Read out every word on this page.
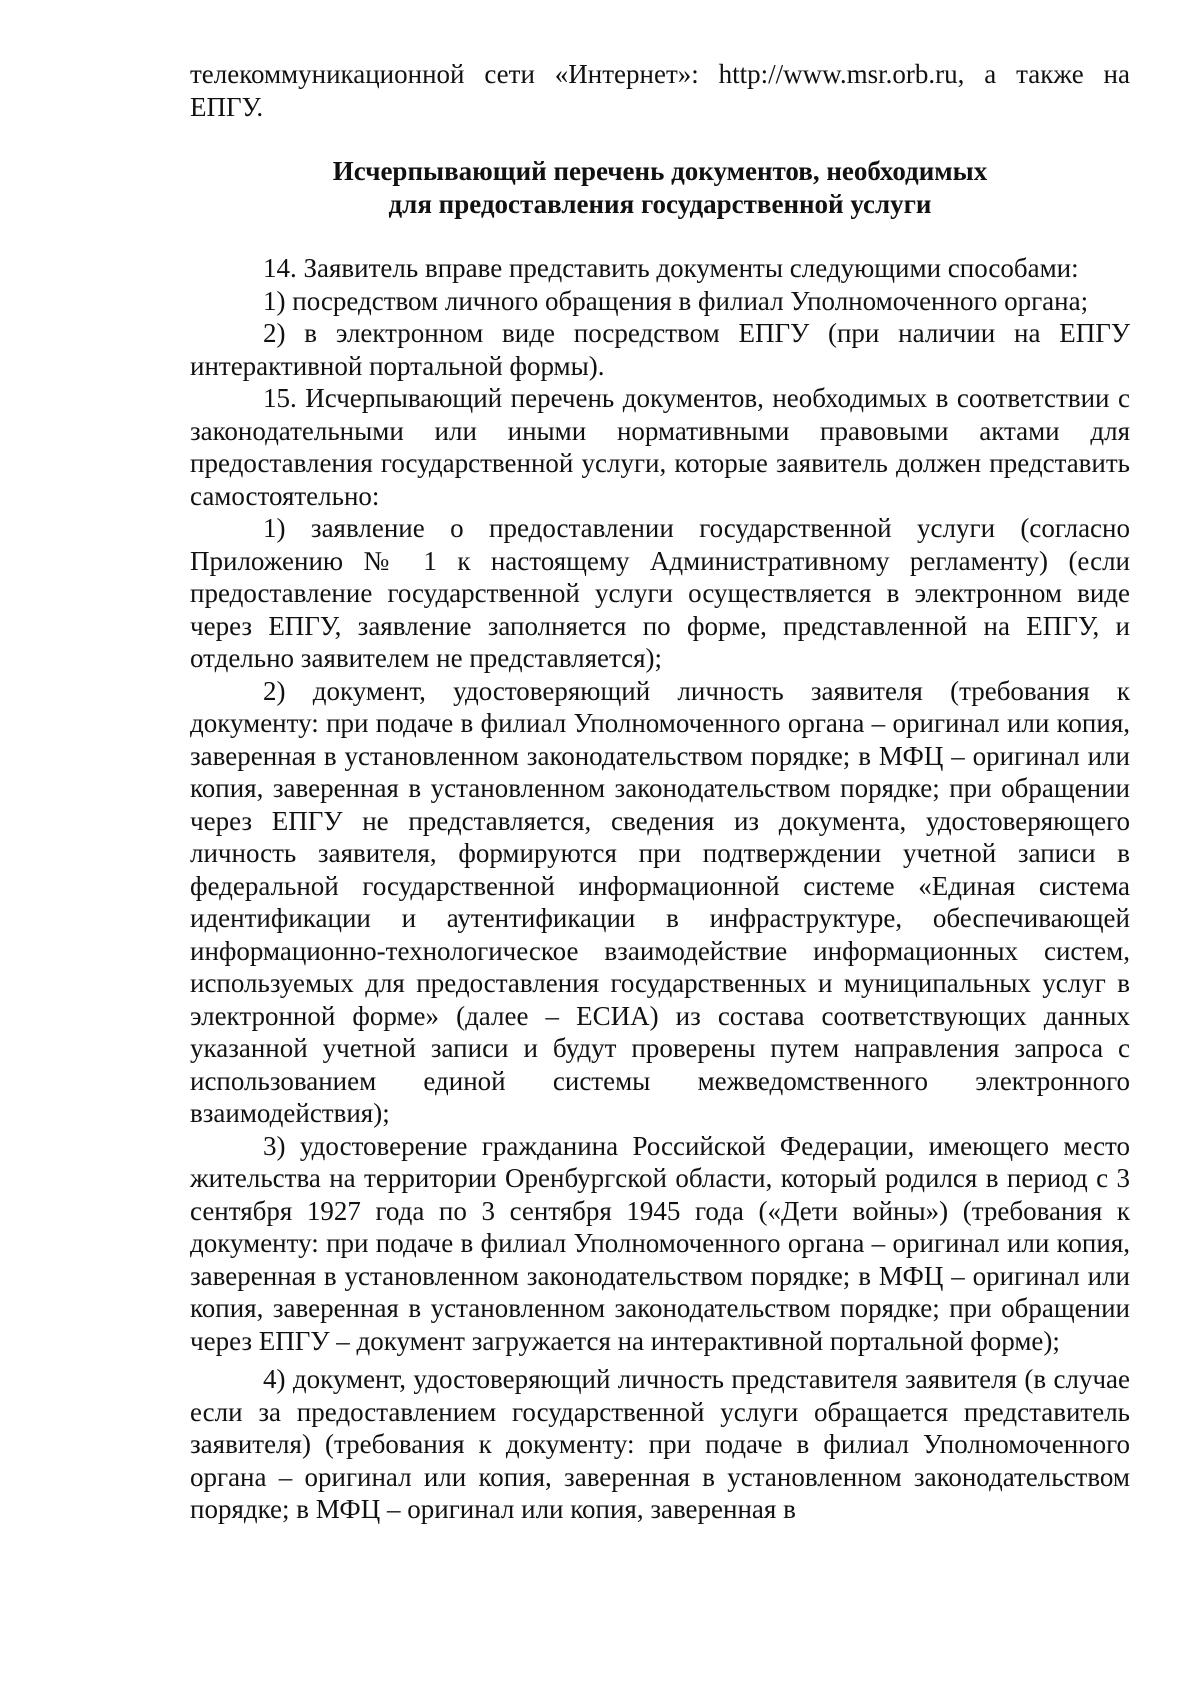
телекоммуникационной сети «Интернет»: http://www.msr.orb.ru, а также на ЕПГУ.

Исчерпывающий перечень документов, необходимых
для предоставления государственной услуги

14. Заявитель вправе представить документы следующими способами:

1) посредством личного обращения в филиал Уполномоченного органа;

2) в электронном виде посредством ЕПГУ (при наличии на ЕПГУ интерактивной портальной формы).

15. Исчерпывающий перечень документов, необходимых в соответствии с законодательными или иными нормативными правовыми актами для предоставления государственной услуги, которые заявитель должен представить самостоятельно:

1) заявление о предоставлении государственной услуги (согласно Приложению № 1 к настоящему Административному регламенту) (если предоставление государственной услуги осуществляется в электронном виде через ЕПГУ, заявление заполняется по форме, представленной на ЕПГУ, и отдельно заявителем не представляется);

2) документ, удостоверяющий личность заявителя (требования к документу: при подаче в филиал Уполномоченного органа – оригинал или копия, заверенная в установленном законодательством порядке; в МФЦ – оригинал или копия, заверенная в установленном законодательством порядке; при обращении через ЕПГУ не представляется, сведения из документа, удостоверяющего личность заявителя, формируются при подтверждении учетной записи в федеральной государственной информационной системе «Единая система идентификации и аутентификации в инфраструктуре, обеспечивающей информационно-технологическое взаимодействие информационных систем, используемых для предоставления государственных и муниципальных услуг в электронной форме» (далее – ЕСИА) из состава соответствующих данных указанной учетной записи и будут проверены путем направления запроса с использованием единой системы межведомственного электронного взаимодействия);

3) удостоверение гражданина Российской Федерации, имеющего место жительства на территории Оренбургской области, который родился в период с 3 сентября 1927 года по 3 сентября 1945 года («Дети войны») (требования к документу: при подаче в филиал Уполномоченного органа – оригинал или копия, заверенная в установленном законодательством порядке; в МФЦ – оригинал или копия, заверенная в установленном законодательством порядке; при обращении через ЕПГУ – документ загружается на интерактивной портальной форме);

4) документ, удостоверяющий личность представителя заявителя (в случае если за предоставлением государственной услуги обращается представитель заявителя) (требования к документу: при подаче в филиал Уполномоченного органа – оригинал или копия, заверенная в установленном законодательством порядке; в МФЦ – оригинал или копия, заверенная в
